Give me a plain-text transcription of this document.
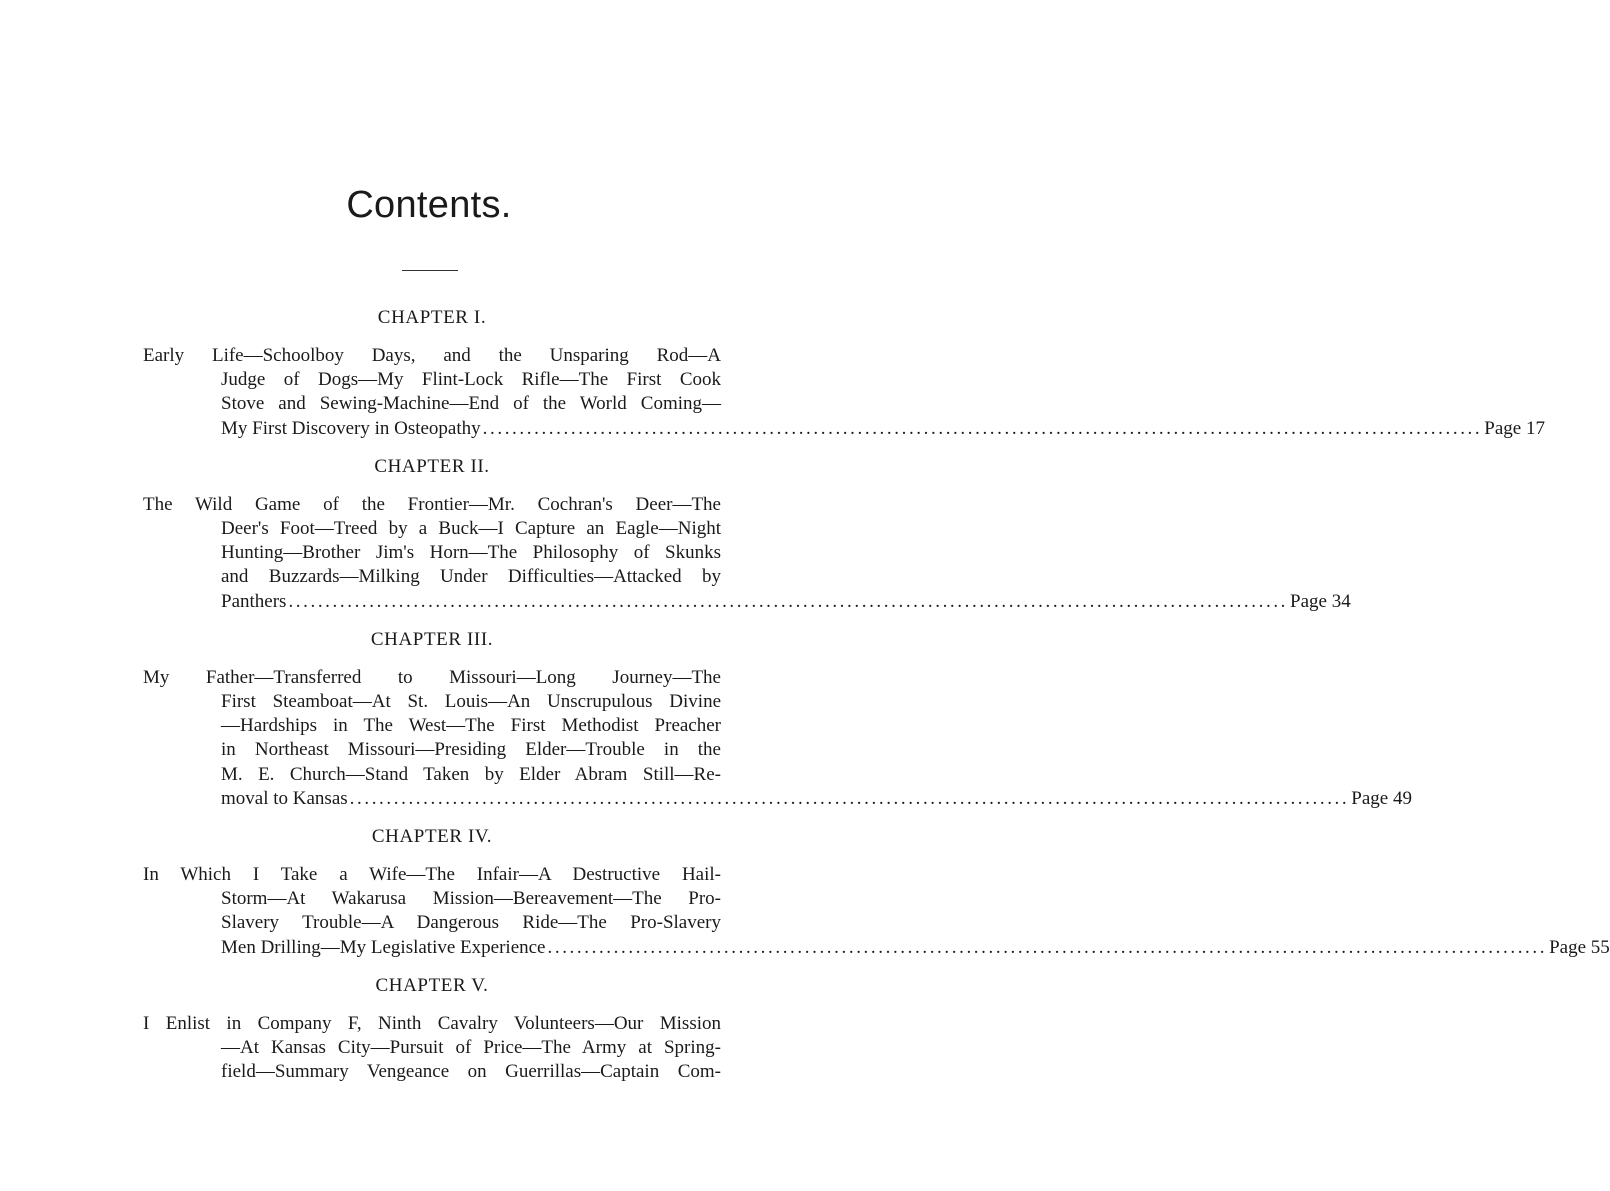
Contents.
CHAPTER I.
Early Life—Schoolboy Days, and the Unsparing Rod—A
Judge of Dogs—My Flint-Lock Rifle—The First Cook
Stove and Sewing-Machine—End of the World Coming—
My First Discovery in Osteopathy ........................................................................................................................................ Page 17
CHAPTER II.
The Wild Game of the Frontier—Mr. Cochran's Deer—The
Deer's Foot—Treed by a Buck—I Capture an Eagle—Night
Hunting—Brother Jim's Horn—The Philosophy of Skunks
and Buzzards—Milking Under Difficulties—Attacked by
Panthers ........................................................................................................................................ Page 34
CHAPTER III.
My Father—Transferred to Missouri—Long Journey—The
First Steamboat—At St. Louis—An Unscrupulous Divine
—Hardships in The West—The First Methodist Preacher
in Northeast Missouri—Presiding Elder—Trouble in the
M. E. Church—Stand Taken by Elder Abram Still—Re-
moval to Kansas ........................................................................................................................................ Page 49
CHAPTER IV.
In Which I Take a Wife—The Infair—A Destructive Hail-
Storm—At Wakarusa Mission—Bereavement—The Pro-
Slavery Trouble—A Dangerous Ride—The Pro-Slavery
Men Drilling—My Legislative Experience ........................................................................................................................................ Page 55
CHAPTER V.
I Enlist in Company F, Ninth Cavalry Volunteers—Our Mission
—At Kansas City—Pursuit of Price—The Army at Spring-
field—Summary Vengeance on Guerrillas—Captain Com-
